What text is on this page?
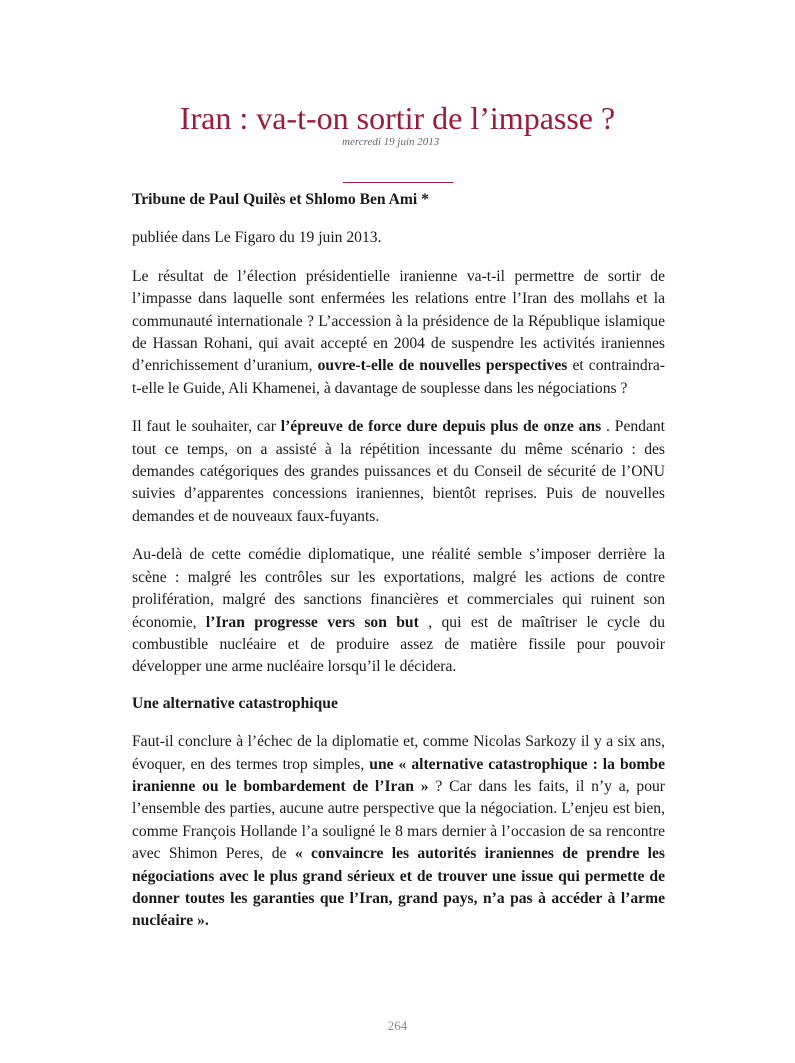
Iran : va-t-on sortir de l’impasse ?
mercredi 19 juin 2013

Tribune de Paul Quilès et Shlomo Ben Ami *

publiée dans Le Figaro du 19 juin 2013.

Le résultat de l’élection présidentielle iranienne va-t-il permettre de sortir de l’impasse dans laquelle sont enfermées les relations entre l’Iran des mollahs et la communauté internationale ? L’accession à la présidence de la République islamique de Hassan Rohani, qui avait accepté en 2004 de suspendre les activités iraniennes d’enrichissement d’uranium, ouvre-t-elle de nouvelles perspectives et contraindra-t-elle le Guide, Ali Khamenei, à davantage de souplesse dans les négociations ?

Il faut le souhaiter, car l’épreuve de force dure depuis plus de onze ans . Pendant tout ce temps, on a assisté à la répétition incessante du même scénario : des demandes catégoriques des grandes puissances et du Conseil de sécurité de l’ONU suivies d’apparentes concessions iraniennes, bientôt reprises. Puis de nouvelles demandes et de nouveaux faux-fuyants.

Au-delà de cette comédie diplomatique, une réalité semble s’imposer derrière la scène : malgré les contrôles sur les exportations, malgré les actions de contre prolifération, malgré des sanctions financières et commerciales qui ruinent son économie, l’Iran progresse vers son but , qui est de maîtriser le cycle du combustible nucléaire et de produire assez de matière fissile pour pouvoir développer une arme nucléaire lorsqu’il le décidera.

Une alternative catastrophique

Faut-il conclure à l’échec de la diplomatie et, comme Nicolas Sarkozy il y a six ans, évoquer, en des termes trop simples, une « alternative catastrophique : la bombe iranienne ou le bombardement de l’Iran » ? Car dans les faits, il n’y a, pour l’ensemble des parties, aucune autre perspective que la négociation. L’enjeu est bien, comme François Hollande l’a souligné le 8 mars dernier à l’occasion de sa rencontre avec Shimon Peres, de « convaincre les autorités iraniennes de prendre les négociations avec le plus grand sérieux et de trouver une issue qui permette de donner toutes les garanties que l’Iran, grand pays, n’a pas à accéder à l’arme nucléaire ».

264
